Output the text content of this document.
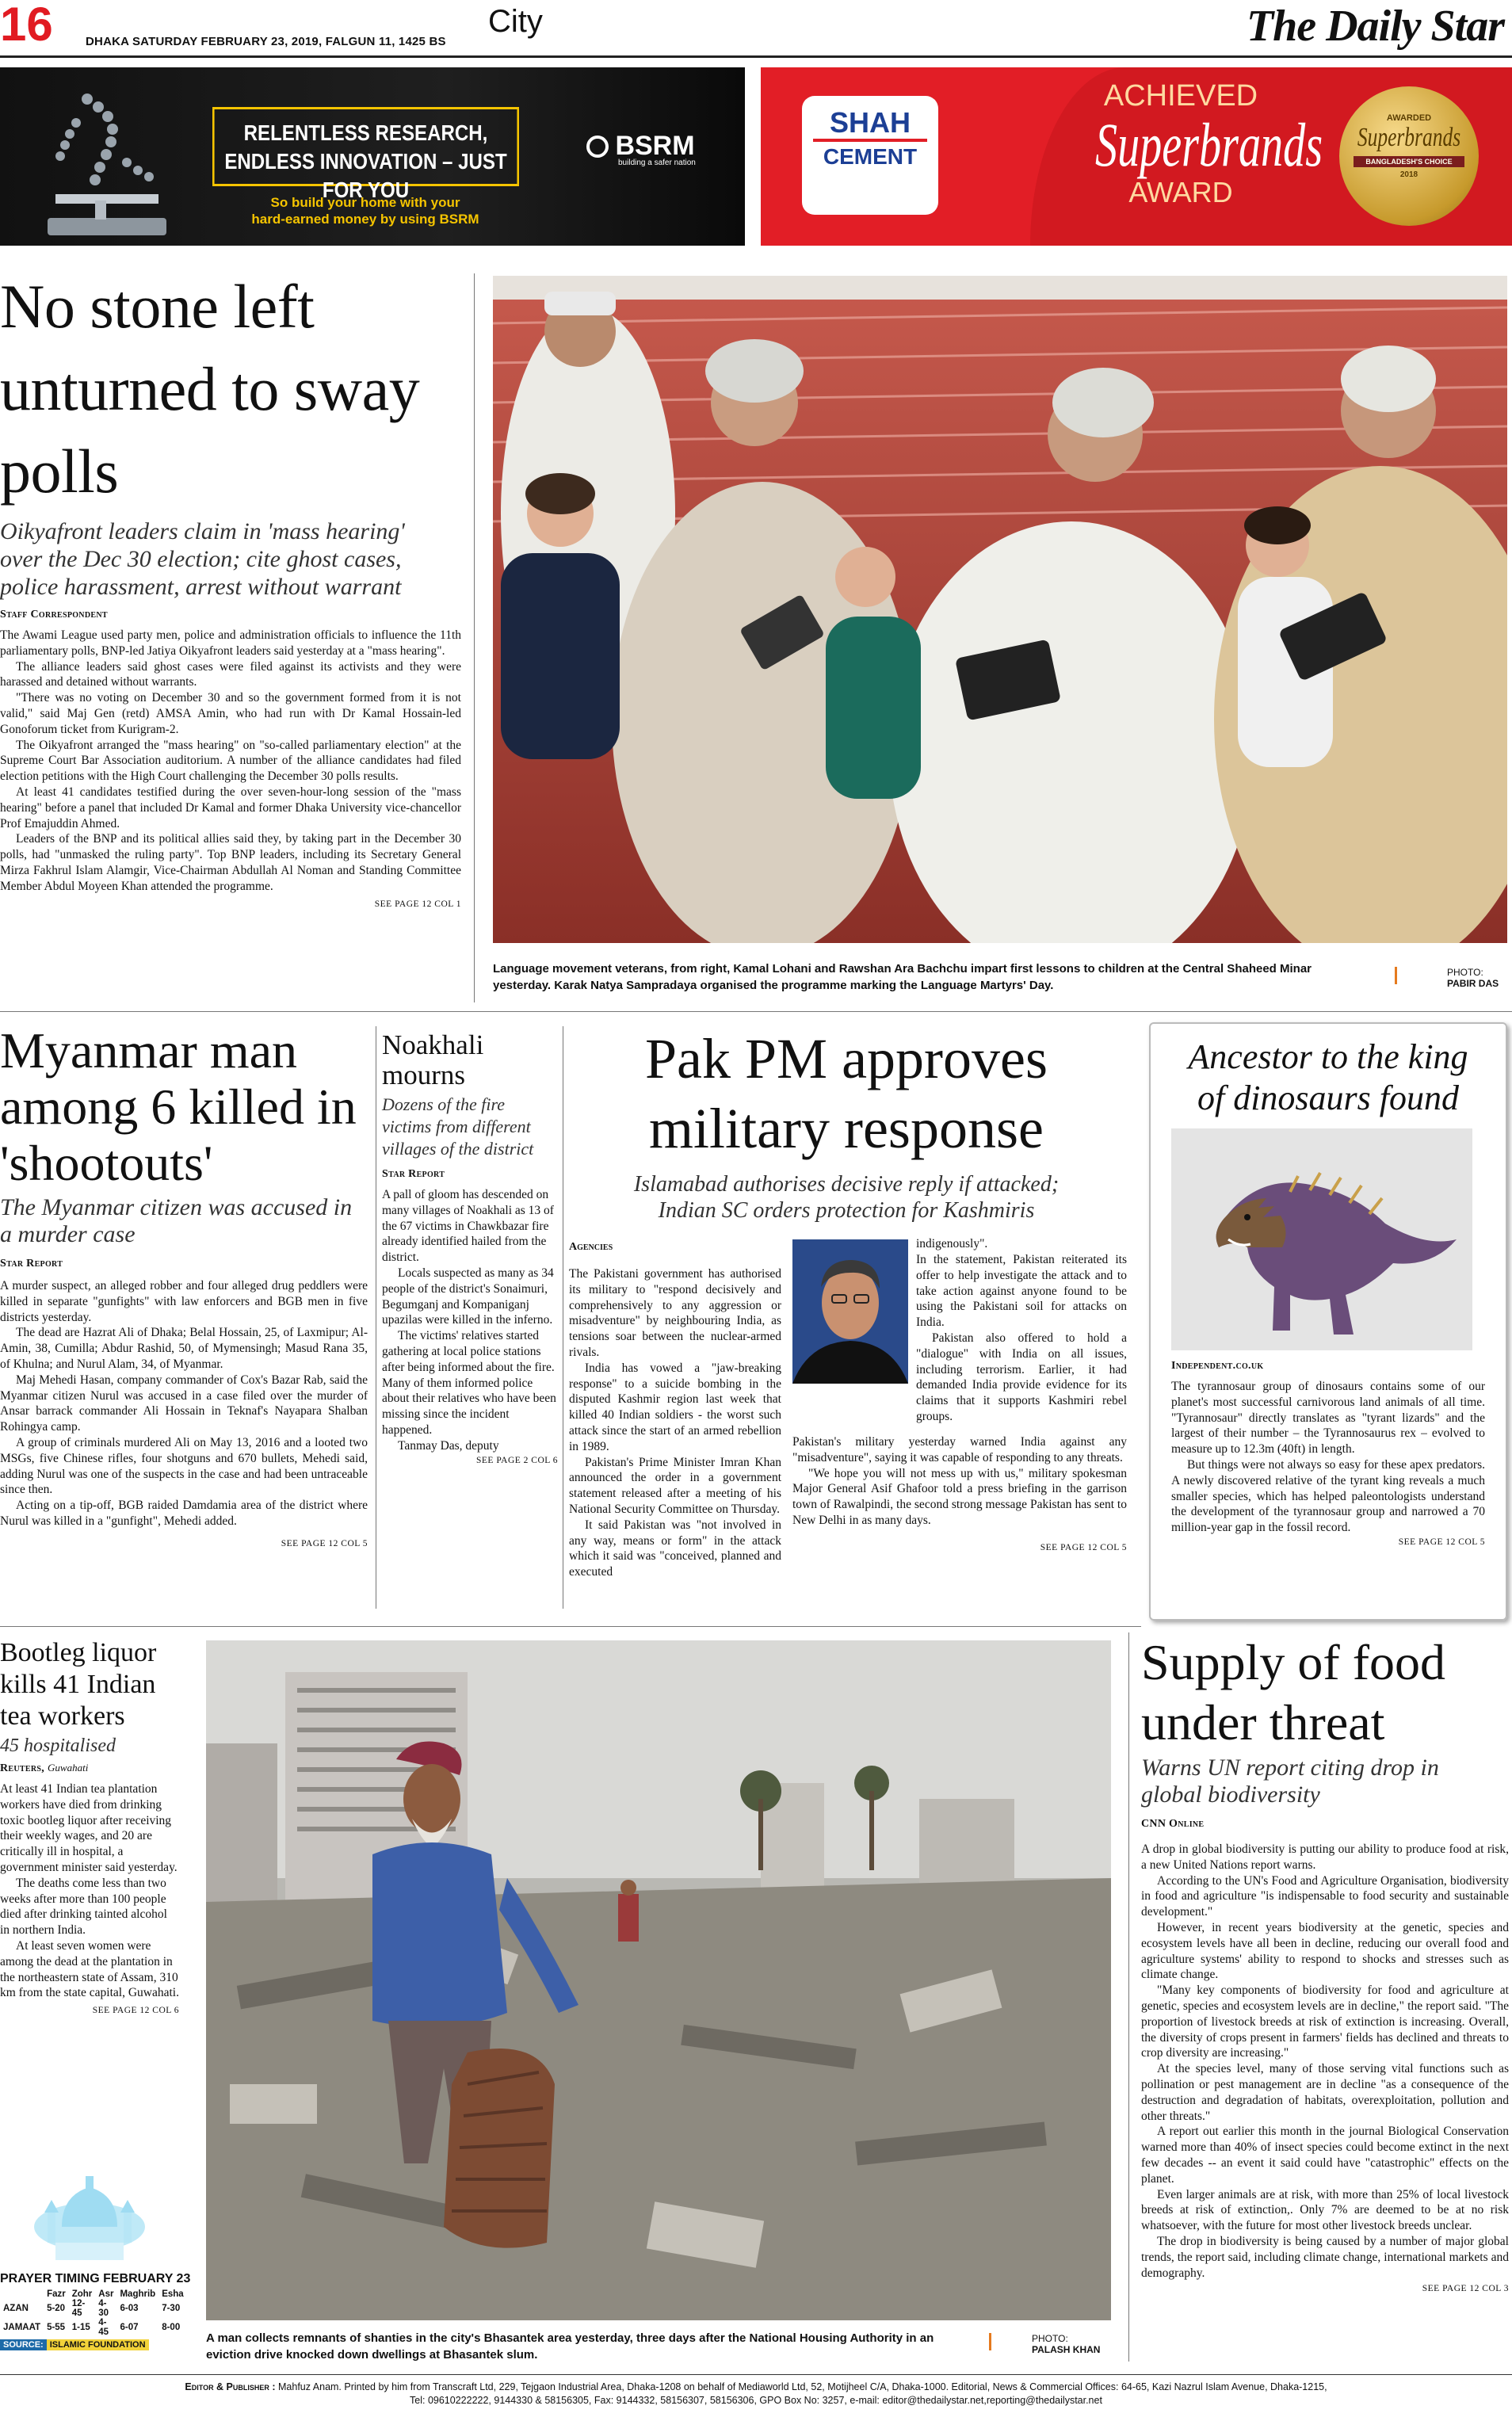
16	DHAKA SATURDAY FEBRUARY 23, 2019, FALGUN 11, 1425 BS
City	The Daily Star
RELENTLESS RESEARCH,
ENDLESS INNOVATION – JUST FOR YOU
BSRM
building a safer nation
So build your home with your
hard-earned money by using BSRM
SHAH
CEMENT
ACHIEVED
Superbrands
AWARD
AWARDED
Superbrands
BANGLADESH'S CHOICE
2018
No stone left unturned to sway polls
Oikyafront leaders claim in 'mass hearing' over the Dec 30 election; cite ghost cases, police harassment, arrest without warrant
Staff Correspondent

The Awami League used party men, police and administration officials to influence the 11th parliamentary polls, BNP-led Jatiya Oikyafront leaders said yesterday at a "mass hearing".

The alliance leaders said ghost cases were filed against its activists and they were harassed and detained without warrants.

"There was no voting on December 30 and so the government formed from it is not valid," said Maj Gen (retd) AMSA Amin, who had run with Dr Kamal Hossain-led Gonoforum ticket from Kurigram-2.

The Oikyafront arranged the "mass hearing" on "so-called parliamentary election" at the Supreme Court Bar Association auditorium. A number of the alliance candidates had filed election petitions with the High Court challenging the December 30 polls results.

At least 41 candidates testified during the over seven-hour-long session of the "mass hearing" before a panel that included Dr Kamal and former Dhaka University vice-chancellor Prof Emajuddin Ahmed.

Leaders of the BNP and its political allies said they, by taking part in the December 30 polls, had "unmasked the ruling party". Top BNP leaders, including its Secretary General Mirza Fakhrul Islam Alamgir, Vice-Chairman Abdullah Al Noman and Standing Committee Member Abdul Moyeen Khan attended the programme.

SEE PAGE 12 COL 1
Language movement veterans, from right, Kamal Lohani and Rawshan Ara Bachchu impart first lessons to children at the Central Shaheed Minar yesterday. Karak Natya Sampradaya organised the programme marking the Language Martyrs' Day.
PHOTO:
PABIR DAS
Myanmar man among 6 killed in 'shootouts'
The Myanmar citizen was accused in a murder case
Star Report

A murder suspect, an alleged robber and four alleged drug peddlers were killed in separate "gunfights" with law enforcers and BGB men in five districts yesterday.

The dead are Hazrat Ali of Dhaka; Belal Hossain, 25, of Laxmipur; Al-Amin, 38, Cumilla; Abdur Rashid, 50, of Mymensingh; Masud Rana 35, of Khulna; and Nurul Alam, 34, of Myanmar.

Maj Mehedi Hasan, company commander of Cox's Bazar Rab, said the Myanmar citizen Nurul was accused in a case filed over the murder of Ansar barrack commander Ali Hossain in Teknaf's Nayapara Shalban Rohingya camp.

A group of criminals murdered Ali on May 13, 2016 and a looted two MSGs, five Chinese rifles, four shotguns and 670 bullets, Mehedi said, adding Nurul was one of the suspects in the case and had been untraceable since then.

Acting on a tip-off, BGB raided Damdamia area of the district where Nurul was killed in a "gunfight", Mehedi added.

SEE PAGE 12 COL 5
Noakhali mourns
Dozens of the fire victims from different villages of the district
Star Report

A pall of gloom has descended on many villages of Noakhali as 13 of the 67 victims in Chawkbazar fire already identified hailed from the district.

Locals suspected as many as 34 people of the district's Sonaimuri, Begumganj and Kompaniganj upazilas were killed in the inferno.

The victims' relatives started gathering at local police stations after being informed about the fire. Many of them informed police about their relatives who have been missing since the incident happened.

Tanmay Das, deputy

SEE PAGE 2 COL 6
Pak PM approves military response
Islamabad authorises decisive reply if attacked; Indian SC orders protection for Kashmiris
Agencies

The Pakistani government has authorised its military to "respond decisively and comprehensively to any aggression or misadventure" by neighbouring India, as tensions soar between the nuclear-armed rivals.

India has vowed a "jaw-breaking response" to a suicide bombing in the disputed Kashmir region last week that killed 40 Indian soldiers - the worst such attack since the start of an armed rebellion in 1989.

Pakistan's Prime Minister Imran Khan announced the order in a government statement released after a meeting of his National Security Committee on Thursday.

It said Pakistan was "not involved in any way, means or form" in the attack which it said was "conceived, planned and executed

indigenously".

In the statement, Pakistan reiterated its offer to help investigate the attack and to take action against anyone found to be using the Pakistani soil for attacks on India.

Pakistan also offered to hold a "dialogue" with India on all issues, including terrorism. Earlier, it had demanded India provide evidence for its claims that it supports Kashmiri rebel groups.

Pakistan's military yesterday warned India against any "misadventure", saying it was capable of responding to any threats.

"We hope you will not mess up with us," military spokesman Major General Asif Ghafoor told a press briefing in the garrison town of Rawalpindi, the second strong message Pakistan has sent to New Delhi in as many days.

SEE PAGE 12 COL 5
Ancestor to the king of dinosaurs found
Independent.co.uk

The tyrannosaur group of dinosaurs contains some of our planet's most successful carnivorous land animals of all time. "Tyrannosaur" directly translates as "tyrant lizards" and the largest of their number – the Tyrannosaurus rex – evolved to measure up to 12.3m (40ft) in length.

But things were not always so easy for these apex predators. A newly discovered relative of the tyrant king reveals a much smaller species, which has helped paleontologists understand the development of the tyrannosaur group and narrowed a 70 million-year gap in the fossil record.

SEE PAGE 12 COL 5
Bootleg liquor kills 41 Indian tea workers
45 hospitalised
Reuters, Guwahati

At least 41 Indian tea plantation workers have died from drinking toxic bootleg liquor after receiving their weekly wages, and 20 are critically ill in hospital, a government minister said yesterday.

The deaths come less than two weeks after more than 100 people died after drinking tainted alcohol in northern India.

At least seven women were among the dead at the plantation in the northeastern state of Assam, 310 km from the state capital, Guwahati.

SEE PAGE 12 COL 6
PRAYER TIMING FEBRUARY 23
	Fazr	Zohr	Asr	Maghrib	Esha
AZAN	5-20	12-45	4-30	6-03	7-30
JAMAAT	5-55	1-15	4-45	6-07	8-00
SOURCE: ISLAMIC FOUNDATION	A man collects remnants of shanties in the city's Bhasantek area yesterday, three days after the National Housing Authority in an eviction drive knocked down dwellings at Bhasantek slum.
PHOTO:
PALASH KHAN
Supply of food under threat
Warns UN report citing drop in global biodiversity
CNN Online

A drop in global biodiversity is putting our ability to produce food at risk, a new United Nations report warns.

According to the UN's Food and Agriculture Organisation, biodiversity in food and agriculture "is indispensable to food security and sustainable development."

However, in recent years biodiversity at the genetic, species and ecosystem levels have all been in decline, reducing our overall food and agriculture systems' ability to respond to shocks and stresses such as climate change.

"Many key components of biodiversity for food and agriculture at genetic, species and ecosystem levels are in decline," the report said. "The proportion of livestock breeds at risk of extinction is increasing. Overall, the diversity of crops present in farmers' fields has declined and threats to crop diversity are increasing."

At the species level, many of those serving vital functions such as pollination or pest management are in decline "as a consequence of the destruction and degradation of habitats, overexploitation, pollution and other threats."

A report out earlier this month in the journal Biological Conservation warned more than 40% of insect species could become extinct in the next few decades -- an event it said could have "catastrophic" effects on the planet.

Even larger animals are at risk, with more than 25% of local livestock breeds at risk of extinction,. Only 7% are deemed to be at no risk whatsoever, with the future for most other livestock breeds unclear.

The drop in biodiversity is being caused by a number of major global trends, the report said, including climate change, international markets and demography.

SEE PAGE 12 COL 3
Editor & Publisher : Mahfuz Anam. Printed by him from Transcraft Ltd, 229, Tejgaon Industrial Area, Dhaka-1208 on behalf of Mediaworld Ltd, 52, Motijheel C/A, Dhaka-1000. Editorial, News & Commercial Offices: 64-65, Kazi Nazrul Islam Avenue, Dhaka-1215,
Tel: 09610222222, 9144330 & 58156305, Fax: 9144332, 58156307, 58156306, GPO Box No: 3257, e-mail: editor@thedailystar.net,reporting@thedailystar.net
